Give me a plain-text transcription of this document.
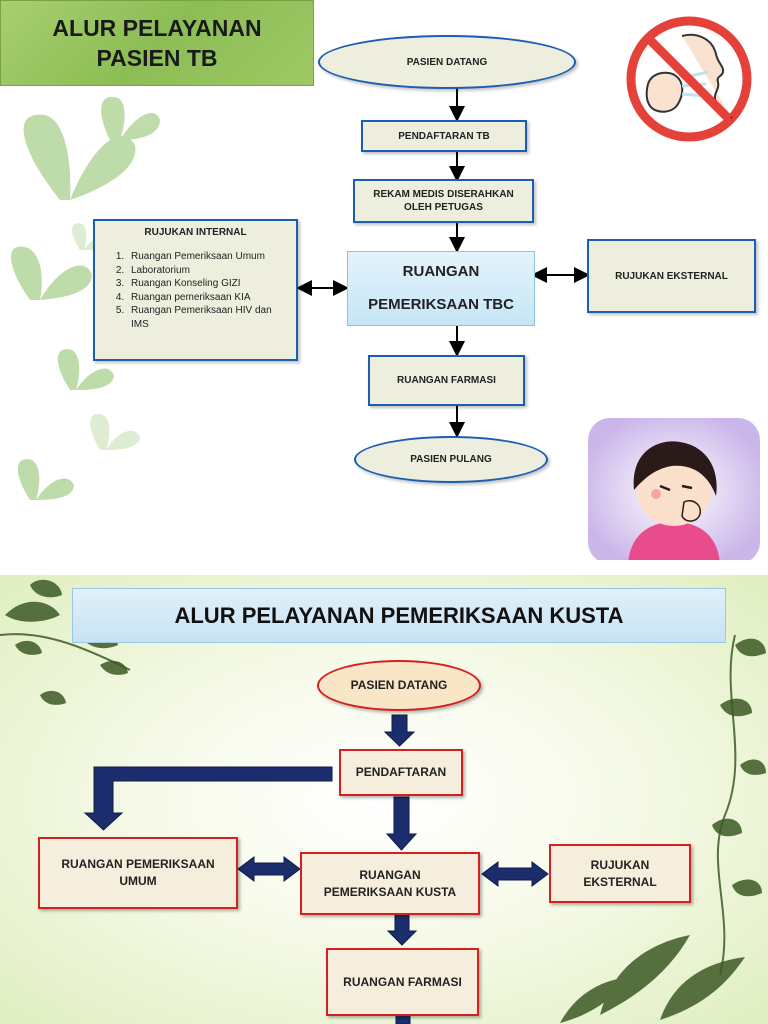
ALUR PELAYANAN
PASIEN TB	PASIEN DATANG
PENDAFTARAN TB
REKAM MEDIS DISERAHKAN
OLEH PETUGAS
RUANGAN
PEMERIKSAAN TBC
RUJUKAN INTERNAL
1. Ruangan Pemeriksaan Umum
2. Laboratorium
3. Ruangan Konseling GIZI
4. Ruangan pemeriksaan KIA
5. Ruangan Pemeriksaan HIV dan IMS
RUJUKAN EKSTERNAL
RUANGAN FARMASI
PASIEN PULANG
ALUR PELAYANAN PEMERIKSAAN KUSTA
PASIEN DATANG
PENDAFTARAN
RUANGAN PEMERIKSAAN
UMUM	RUANGAN
PEMERIKSAAN KUSTA
RUJUKAN
EKSTERNAL
RUANGAN FARMASI
